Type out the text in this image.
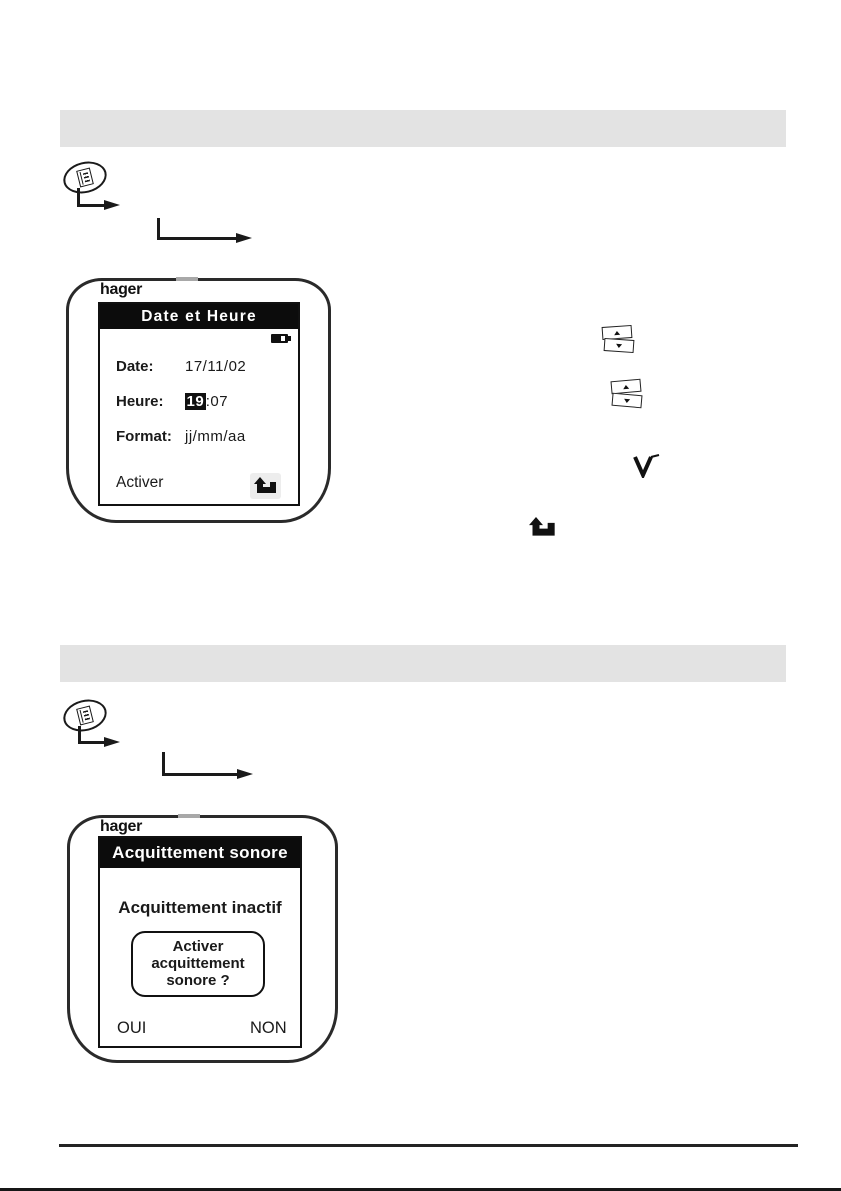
hager
Date et Heure
Date: 17/11/02
Heure: 19 :07
Format: jj/mm/aa
Activer
hager
Acquittement sonore
Acquittement inactif
Activer
acquittement
sonore ?
OUI	NON
